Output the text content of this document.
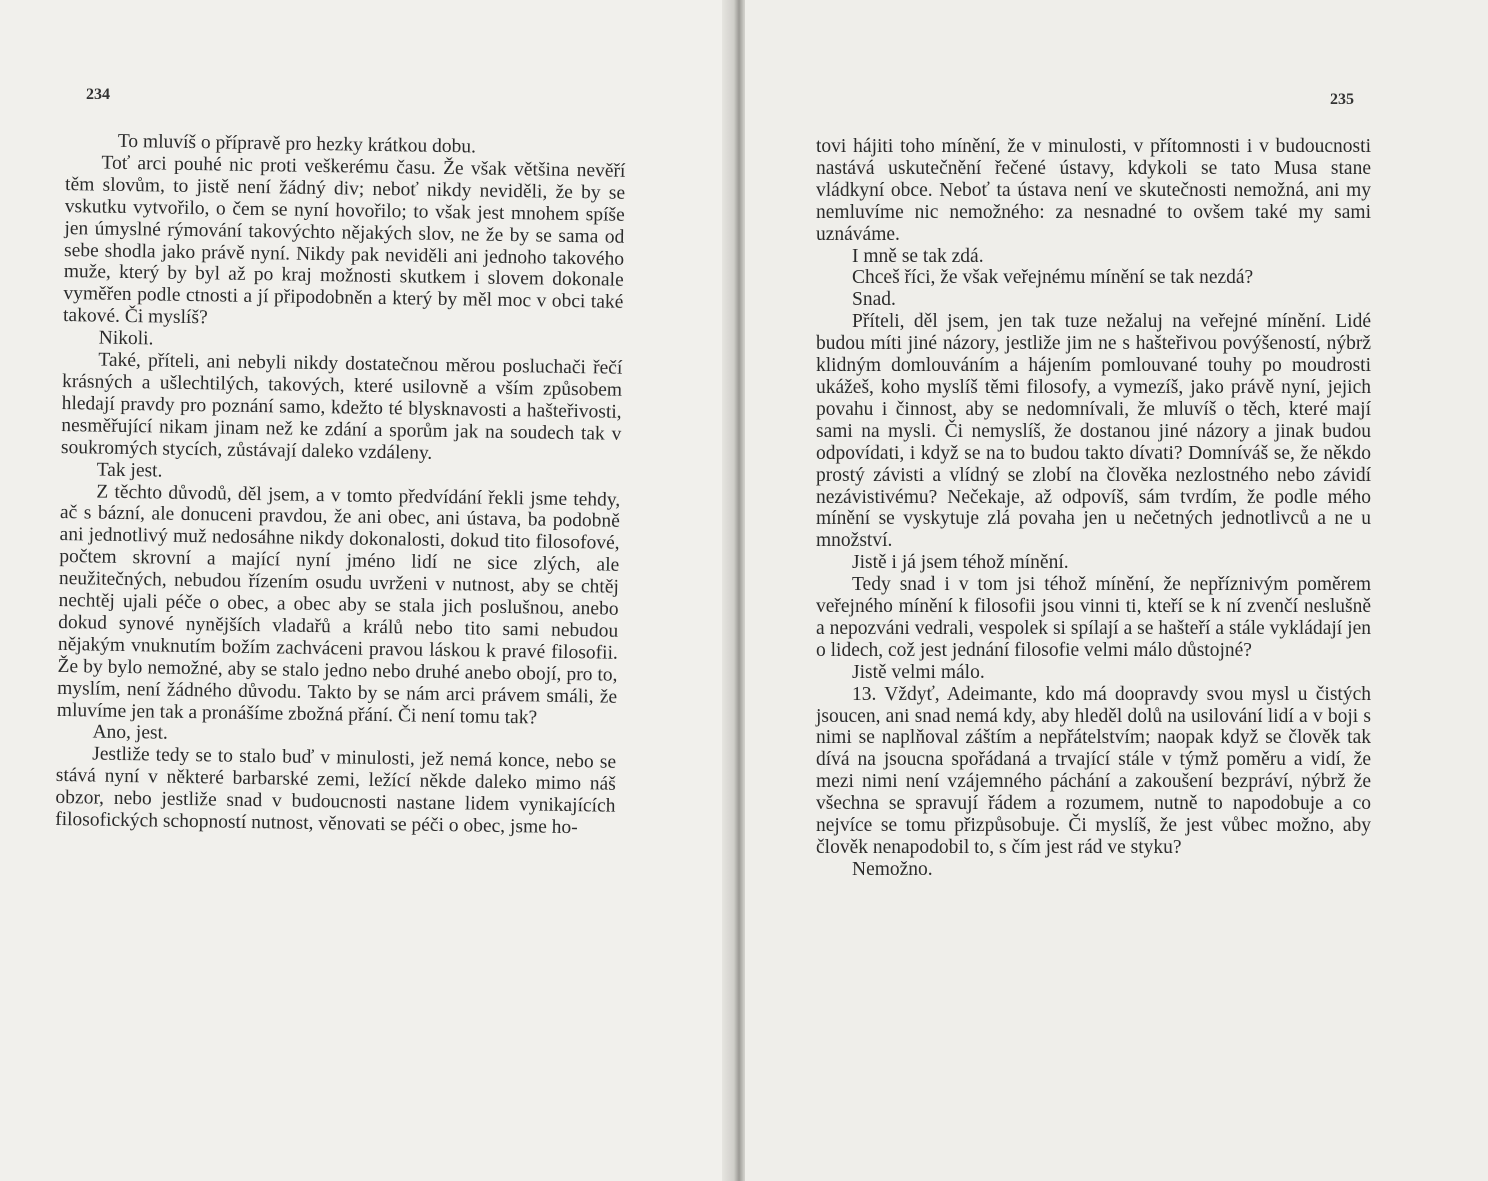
234

To mluvíš o přípravě pro hezky krátkou dobu.

Toť arci pouhé nic proti veškerému času. Že však většina nevěří těm slovům, to jistě není žádný div; neboť nikdy neviděli, že by se vskutku vytvořilo, o čem se nyní hovořilo; to však jest mnohem spíše jen úmyslné rýmování takovýchto nějakých slov, ne že by se sama od sebe shodla jako právě nyní. Nikdy pak neviděli ani jednoho takového muže, který by byl až po kraj možnosti skutkem i slovem dokonale vyměřen podle ctnosti a jí připodobněn a který by měl moc v obci také takové. Či myslíš?

Nikoli.

Také, příteli, ani nebyli nikdy dostatečnou měrou posluchači řečí krásných a ušlechtilých, takových, které usilovně a vším způsobem hledají pravdy pro poznání samo, kdežto té blysknavosti a hašteřivosti, nesměřující nikam jinam než ke zdání a sporům jak na soudech tak v soukromých stycích, zůstávají daleko vzdáleny.

Tak jest.

Z těchto důvodů, děl jsem, a v tomto předvídání řekli jsme tehdy, ač s bázní, ale donuceni pravdou, že ani obec, ani ústava, ba podobně ani jednotlivý muž nedosáhne nikdy dokonalosti, dokud tito filosofové, počtem skrovní a mající nyní jméno lidí ne sice zlých, ale neužitečných, nebudou řízením osudu uvrženi v nutnost, aby se chtěj nechtěj ujali péče o obec, a obec aby se stala jich poslušnou, anebo dokud synové nynějších vladařů a králů nebo tito sami nebudou nějakým vnuknutím božím zachváceni pravou láskou k pravé filosofii. Že by bylo nemožné, aby se stalo jedno nebo druhé anebo obojí, pro to, myslím, není žádného důvodu. Takto by se nám arci právem smáli, že mluvíme jen tak a pronášíme zbožná přání. Či není tomu tak?

Ano, jest.

Jestliže tedy se to stalo buď v minulosti, jež nemá konce, nebo se stává nyní v některé barbarské zemi, ležící někde daleko mimo náš obzor, nebo jestliže snad v budoucnosti nastane lidem vynikajících filosofických schopností nutnost, věnovati se péči o obec, jsme ho-

235

tovi hájiti toho mínění, že v minulosti, v přítomnosti i v budoucnosti nastává uskutečnění řečené ústavy, kdykoli se tato Musa stane vládkyní obce. Neboť ta ústava není ve skutečnosti nemožná, ani my nemluvíme nic nemožného: za nesnadné to ovšem také my sami uznáváme.

I mně se tak zdá.

Chceš říci, že však veřejnému mínění se tak nezdá?

Snad.

Příteli, děl jsem, jen tak tuze nežaluj na veřejné mínění. Lidé budou míti jiné názory, jestliže jim ne s hašteřivou povýšeností, nýbrž klidným domlouváním a hájením pomlouvané touhy po moudrosti ukážeš, koho myslíš těmi filosofy, a vymezíš, jako právě nyní, jejich povahu i činnost, aby se nedomnívali, že mluvíš o těch, které mají sami na mysli. Či nemyslíš, že dostanou jiné názory a jinak budou odpovídati, i když se na to budou takto dívati? Domníváš se, že někdo prostý závisti a vlídný se zlobí na člověka nezlostného nebo závidí nezávistivému? Nečekaje, až odpovíš, sám tvrdím, že podle mého mínění se vyskytuje zlá povaha jen u nečetných jednotlivců a ne u množství.

Jistě i já jsem téhož mínění.

Tedy snad i v tom jsi téhož mínění, že nepříznivým poměrem veřejného mínění k filosofii jsou vinni ti, kteří se k ní zvenčí neslušně a nepozváni vedrali, vespolek si spílají a se hašteří a stále vykládají jen o lidech, což jest jednání filosofie velmi málo důstojné?

Jistě velmi málo.

13. Vždyť, Adeimante, kdo má doopravdy svou mysl u čistých jsoucen, ani snad nemá kdy, aby hleděl dolů na usilování lidí a v boji s nimi se naplňoval záštím a nepřátelstvím; naopak když se člověk tak dívá na jsoucna spořádaná a trvající stále v týmž poměru a vidí, že mezi nimi není vzájemného páchání a zakoušení bezpráví, nýbrž že všechna se spravují řádem a rozumem, nutně to napodobuje a co nejvíce se tomu přizpůsobuje. Či myslíš, že jest vůbec možno, aby člověk nenapodobil to, s čím jest rád ve styku?

Nemožno.
